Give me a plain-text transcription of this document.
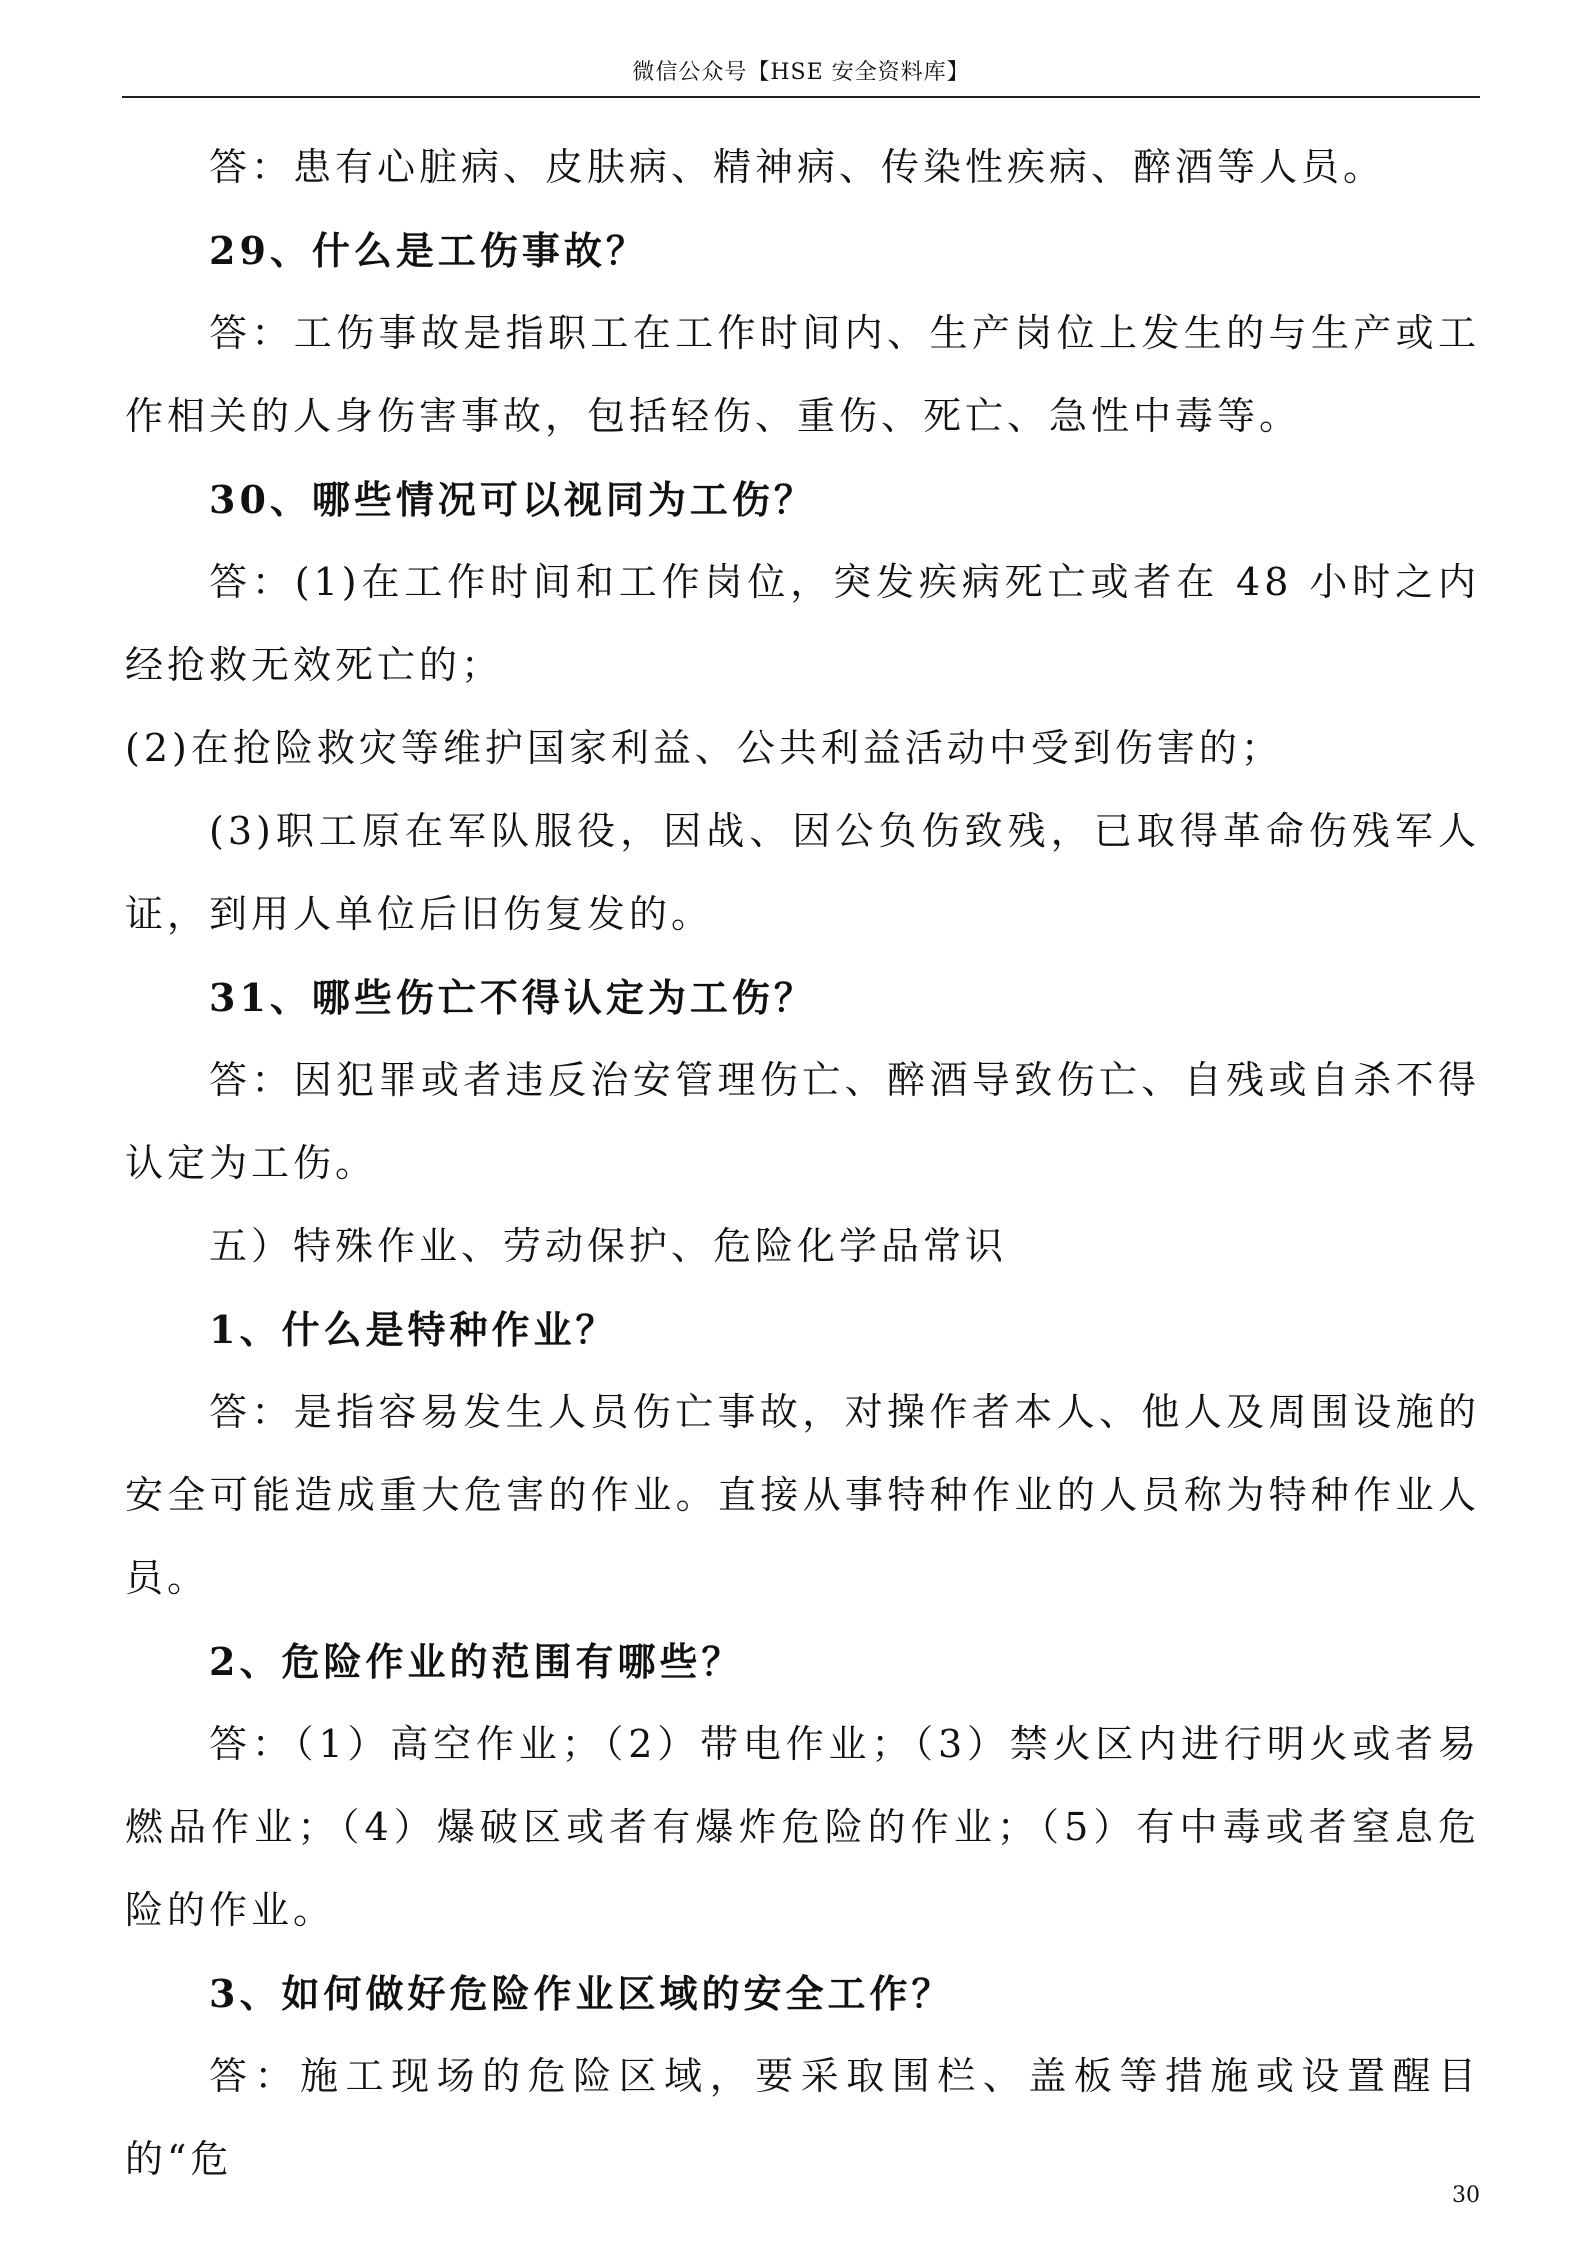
微信公众号【HSE 安全资料库】

答：患有心脏病、皮肤病、精神病、传染性疾病、醉酒等人员。

29、什么是工伤事故？

答：工伤事故是指职工在工作时间内、生产岗位上发生的与生产或工作相关的人身伤害事故，包括轻伤、重伤、死亡、急性中毒等。

30、哪些情况可以视同为工伤？

答：(1)在工作时间和工作岗位，突发疾病死亡或者在 48 小时之内经抢救无效死亡的；

(2)在抢险救灾等维护国家利益、公共利益活动中受到伤害的；

(3)职工原在军队服役，因战、因公负伤致残，已取得革命伤残军人证，到用人单位后旧伤复发的。

31、哪些伤亡不得认定为工伤？

答：因犯罪或者违反治安管理伤亡、醉酒导致伤亡、自残或自杀不得认定为工伤。

五）特殊作业、劳动保护、危险化学品常识

1、什么是特种作业？

答：是指容易发生人员伤亡事故，对操作者本人、他人及周围设施的安全可能造成重大危害的作业。直接从事特种作业的人员称为特种作业人员。

2、危险作业的范围有哪些？

答：（1）高空作业；（2）带电作业；（3）禁火区内进行明火或者易燃品作业；（4）爆破区或者有爆炸危险的作业；（5）有中毒或者窒息危险的作业。

3、如何做好危险作业区域的安全工作？

答：施工现场的危险区域，要采取围栏、盖板等措施或设置醒目的“危

30
